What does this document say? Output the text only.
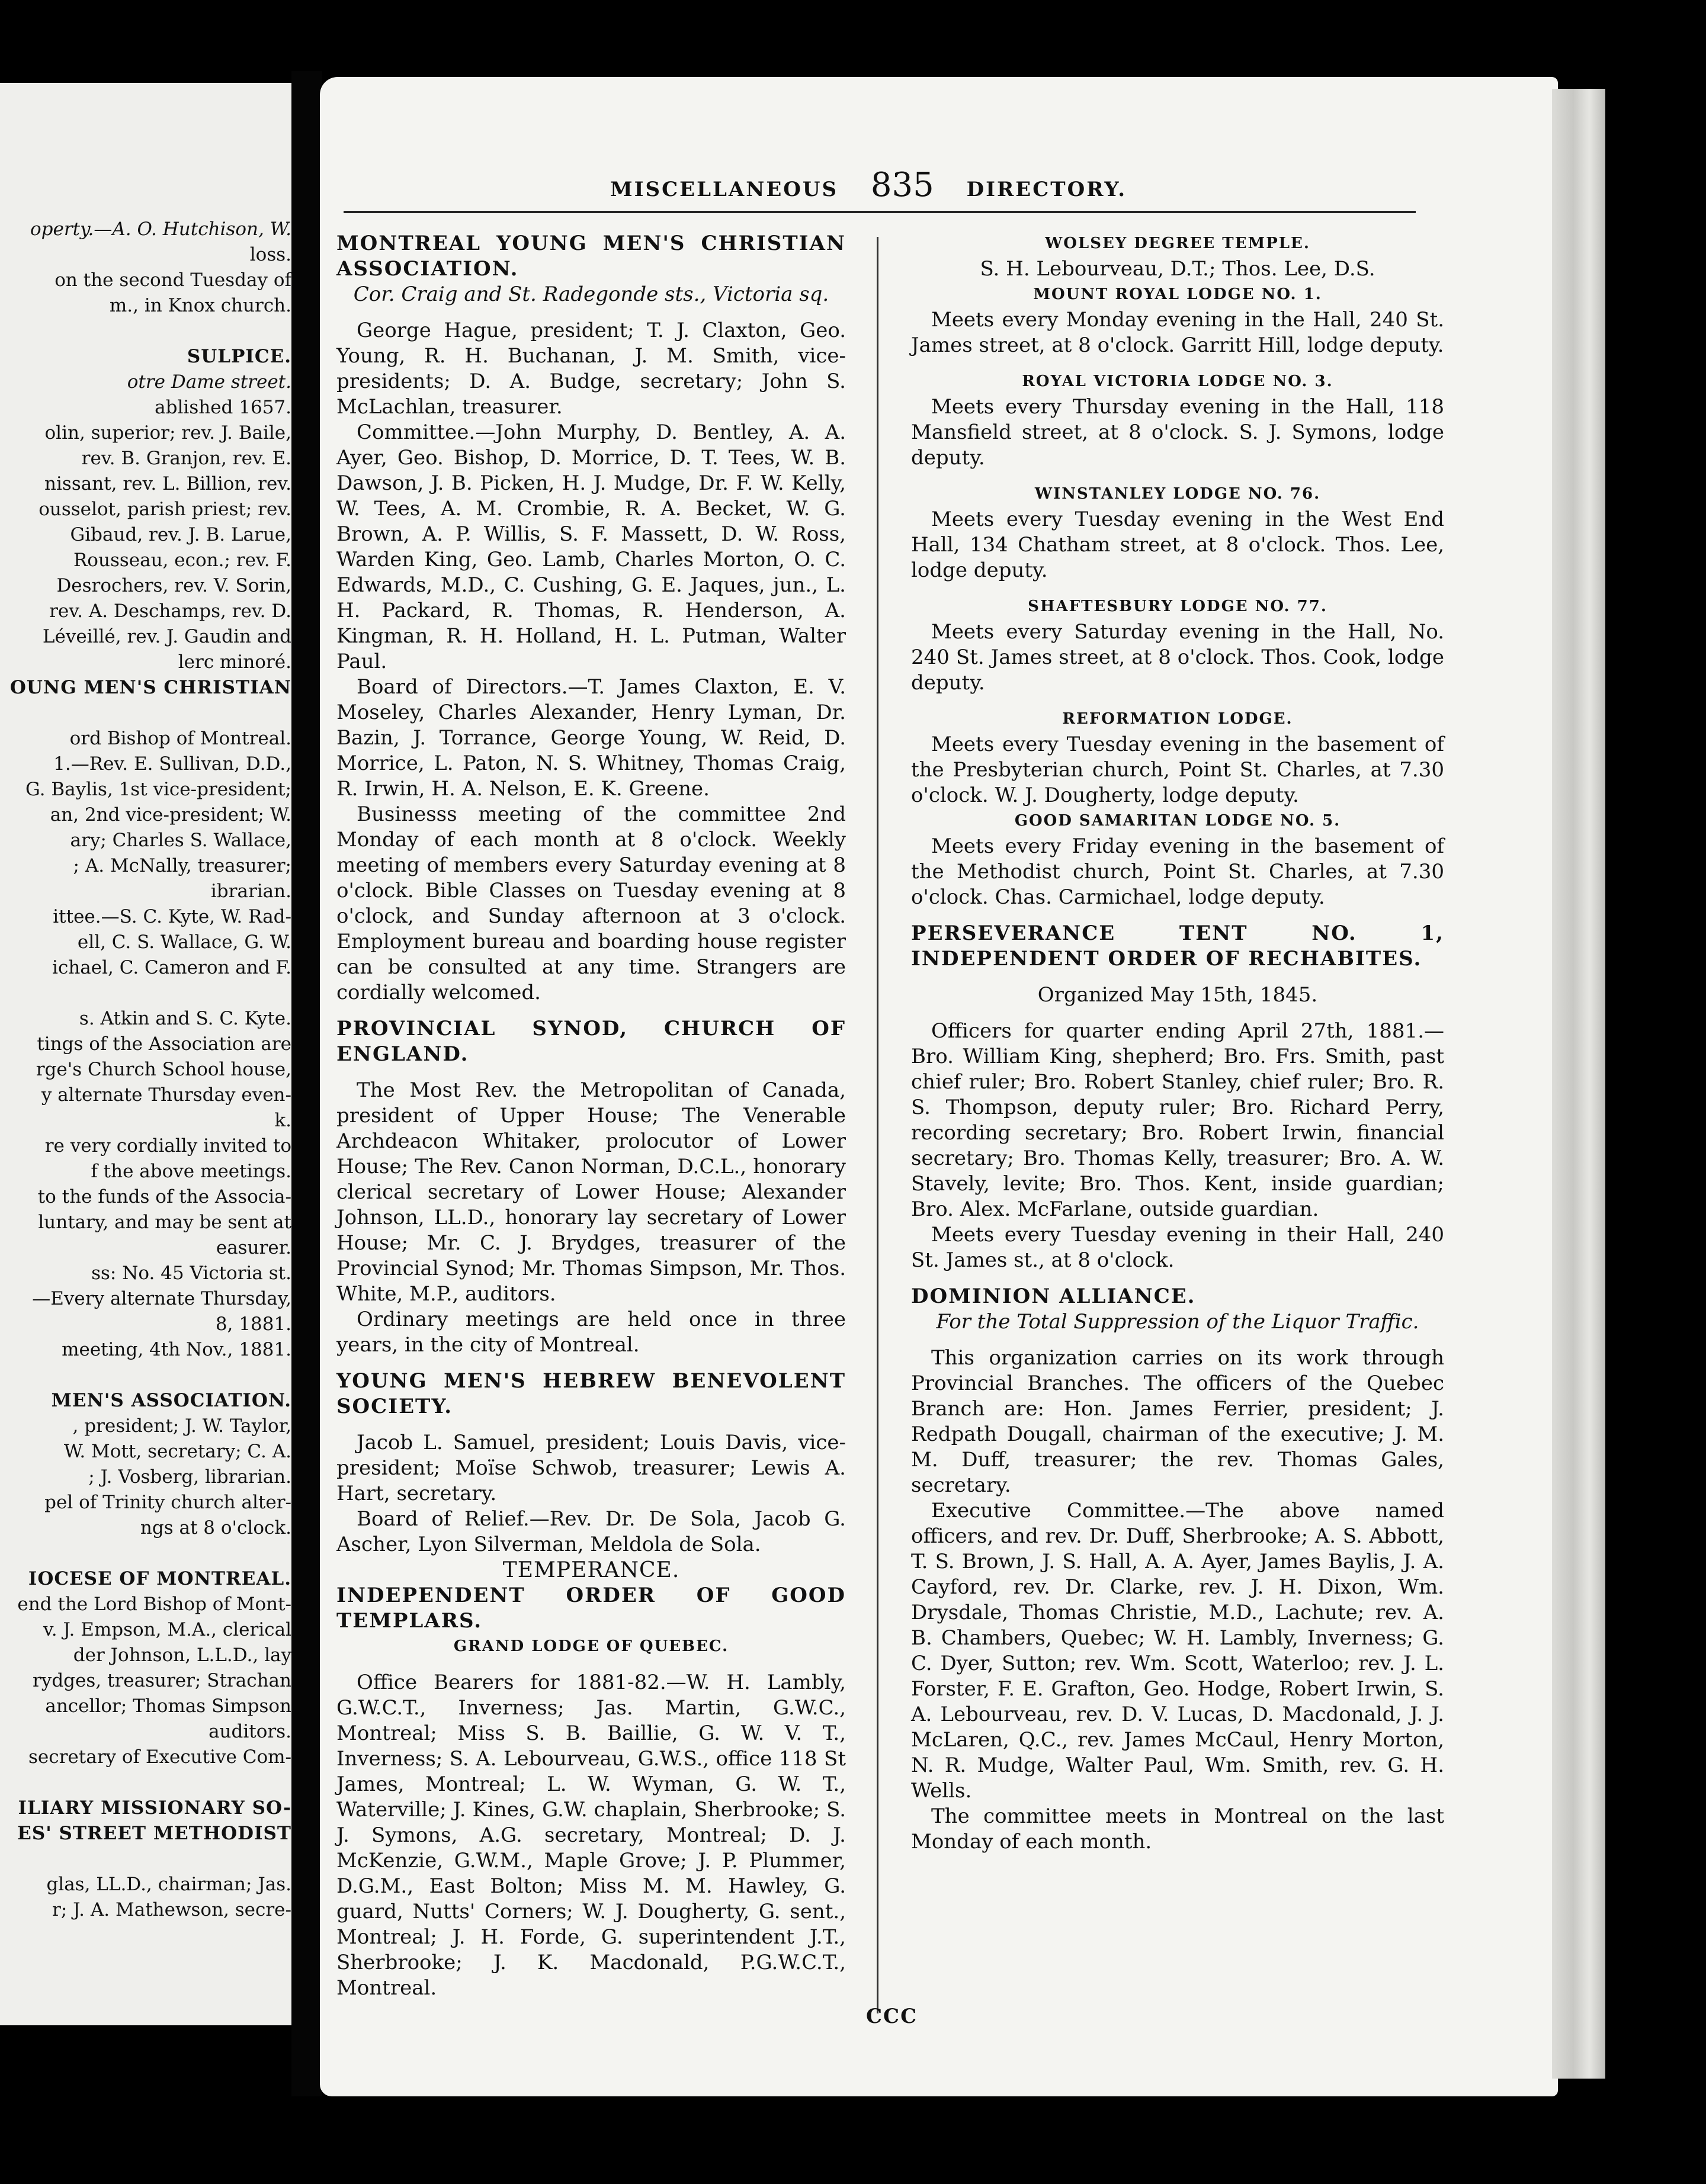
operty.—A. O. Hutchison, W.
loss.
on the second Tuesday of
m., in Knox church.

SULPICE.
otre Dame street.
ablished 1657.
olin, superior; rev. J. Baile,
rev. B. Granjon, rev. E.
nissant, rev. L. Billion, rev.
ousselot, parish priest; rev.
Gibaud, rev. J. B. Larue,
Rousseau, econ.; rev. F.
Desrochers, rev. V. Sorin,
rev. A. Deschamps, rev. D.
Léveillé, rev. J. Gaudin and
lerc minoré.
OUNG MEN'S CHRISTIAN

ord Bishop of Montreal.
1.—Rev. E. Sullivan, D.D.,
G. Baylis, 1st vice-president;
an, 2nd vice-president; W.
ary; Charles S. Wallace,
; A. McNally, treasurer;
ibrarian.
ittee.—S. C. Kyte, W. Rad-
ell, C. S. Wallace, G. W.
ichael, C. Cameron and F.

s. Atkin and S. C. Kyte.
tings of the Association are
rge's Church School house,
y alternate Thursday even-
k.
re very cordially invited to
f the above meetings.
to the funds of the Associa-
luntary, and may be sent at
easurer.
ss: No. 45 Victoria st.
—Every alternate Thursday,
8, 1881.
meeting, 4th Nov., 1881.

MEN'S ASSOCIATION.
, president; J. W. Taylor,
W. Mott, secretary; C. A.
; J. Vosberg, librarian.
pel of Trinity church alter-
ngs at 8 o'clock.

IOCESE OF MONTREAL.
end the Lord Bishop of Mont-
v. J. Empson, M.A., clerical
der Johnson, L.L.D., lay
rydges, treasurer; Strachan
ancellor; Thomas Simpson
auditors.
secretary of Executive Com-

ILIARY MISSIONARY SO-
ES' STREET METHODIST

glas, LL.D., chairman; Jas.
r; J. A. Mathewson, secre-
MISCELLANEOUS 835 DIRECTORY.

MONTREAL YOUNG MEN'S CHRISTIAN ASSOCIATION.

Cor. Craig and St. Radegonde sts., Victoria sq.

George Hague, president; T. J. Claxton, Geo. Young, R. H. Buchanan, J. M. Smith, vice-presidents; D. A. Budge, secretary; John S. McLachlan, treasurer.

Committee.—John Murphy, D. Bentley, A. A. Ayer, Geo. Bishop, D. Morrice, D. T. Tees, W. B. Dawson, J. B. Picken, H. J. Mudge, Dr. F. W. Kelly, W. Tees, A. M. Crombie, R. A. Becket, W. G. Brown, A. P. Willis, S. F. Massett, D. W. Ross, Warden King, Geo. Lamb, Charles Morton, O. C. Edwards, M.D., C. Cushing, G. E. Jaques, jun., L. H. Packard, R. Thomas, R. Henderson, A. Kingman, R. H. Holland, H. L. Putman, Walter Paul.

Board of Directors.—T. James Claxton, E. V. Moseley, Charles Alexander, Henry Lyman, Dr. Bazin, J. Torrance, George Young, W. Reid, D. Morrice, L. Paton, N. S. Whitney, Thomas Craig, R. Irwin, H. A. Nelson, E. K. Greene.

Businesss meeting of the committee 2nd Monday of each month at 8 o'clock. Weekly meeting of members every Saturday evening at 8 o'clock. Bible Classes on Tuesday evening at 8 o'clock, and Sunday afternoon at 3 o'clock. Employment bureau and boarding house register can be consulted at any time. Strangers are cordially welcomed.

PROVINCIAL SYNOD, CHURCH OF ENGLAND.

The Most Rev. the Metropolitan of Canada, president of Upper House; The Venerable Archdeacon Whitaker, prolocutor of Lower House; The Rev. Canon Norman, D.C.L., honorary clerical secretary of Lower House; Alexander Johnson, LL.D., honorary lay secretary of Lower House; Mr. C. J. Brydges, treasurer of the Provincial Synod; Mr. Thomas Simpson, Mr. Thos. White, M.P., auditors.

Ordinary meetings are held once in three years, in the city of Montreal.

YOUNG MEN'S HEBREW BENEVOLENT SOCIETY.

Jacob L. Samuel, president; Louis Davis, vice-president; Moïse Schwob, treasurer; Lewis A. Hart, secretary.

Board of Relief.—Rev. Dr. De Sola, Jacob G. Ascher, Lyon Silverman, Meldola de Sola.

TEMPERANCE.

INDEPENDENT ORDER OF GOOD TEMPLARS.

GRAND LODGE OF QUEBEC.

Office Bearers for 1881-82.—W. H. Lambly, G.W.C.T., Inverness; Jas. Martin, G.W.C., Montreal; Miss S. B. Baillie, G. W. V. T., Inverness; S. A. Lebourveau, G.W.S., office 118 St James, Montreal; L. W. Wyman, G. W. T., Waterville; J. Kines, G.W. chaplain, Sherbrooke; S. J. Symons, A.G. secretary, Montreal; D. J. McKenzie, G.W.M., Maple Grove; J. P. Plummer, D.G.M., East Bolton; Miss M. M. Hawley, G. guard, Nutts' Corners; W. J. Dougherty, G. sent., Montreal; J. H. Forde, G. superintendent J.T., Sherbrooke; J. K. Macdonald, P.G.W.C.T., Montreal.

WOLSEY DEGREE TEMPLE.

S. H. Lebourveau, D.T.; Thos. Lee, D.S.

MOUNT ROYAL LODGE NO. 1.

Meets every Monday evening in the Hall, 240 St. James street, at 8 o'clock. Garritt Hill, lodge deputy.

ROYAL VICTORIA LODGE NO. 3.

Meets every Thursday evening in the Hall, 118 Mansfield street, at 8 o'clock. S. J. Symons, lodge deputy.

WINSTANLEY LODGE NO. 76.

Meets every Tuesday evening in the West End Hall, 134 Chatham street, at 8 o'clock. Thos. Lee, lodge deputy.

SHAFTESBURY LODGE NO. 77.

Meets every Saturday evening in the Hall, No. 240 St. James street, at 8 o'clock. Thos. Cook, lodge deputy.

REFORMATION LODGE.

Meets every Tuesday evening in the basement of the Presbyterian church, Point St. Charles, at 7.30 o'clock. W. J. Dougherty, lodge deputy.

GOOD SAMARITAN LODGE NO. 5.

Meets every Friday evening in the basement of the Methodist church, Point St. Charles, at 7.30 o'clock. Chas. Carmichael, lodge deputy.

PERSEVERANCE TENT NO. 1, INDEPENDENT ORDER OF RECHABITES.

Organized May 15th, 1845.

Officers for quarter ending April 27th, 1881.—Bro. William King, shepherd; Bro. Frs. Smith, past chief ruler; Bro. Robert Stanley, chief ruler; Bro. R. S. Thompson, deputy ruler; Bro. Richard Perry, recording secretary; Bro. Robert Irwin, financial secretary; Bro. Thomas Kelly, treasurer; Bro. A. W. Stavely, levite; Bro. Thos. Kent, inside guardian; Bro. Alex. McFarlane, outside guardian.

Meets every Tuesday evening in their Hall, 240 St. James st., at 8 o'clock.

DOMINION ALLIANCE.

For the Total Suppression of the Liquor Traffic.

This organization carries on its work through Provincial Branches. The officers of the Quebec Branch are: Hon. James Ferrier, president; J. Redpath Dougall, chairman of the executive; J. M. M. Duff, treasurer; the rev. Thomas Gales, secretary.

Executive Committee.—The above named officers, and rev. Dr. Duff, Sherbrooke; A. S. Abbott, T. S. Brown, J. S. Hall, A. A. Ayer, James Baylis, J. A. Cayford, rev. Dr. Clarke, rev. J. H. Dixon, Wm. Drysdale, Thomas Christie, M.D., Lachute; rev. A. B. Chambers, Quebec; W. H. Lambly, Inverness; G. C. Dyer, Sutton; rev. Wm. Scott, Waterloo; rev. J. L. Forster, F. E. Grafton, Geo. Hodge, Robert Irwin, S. A. Lebourveau, rev. D. V. Lucas, D. Macdonald, J. J. McLaren, Q.C., rev. James McCaul, Henry Morton, N. R. Mudge, Walter Paul, Wm. Smith, rev. G. H. Wells.

The committee meets in Montreal on the last Monday of each month.

CCC
